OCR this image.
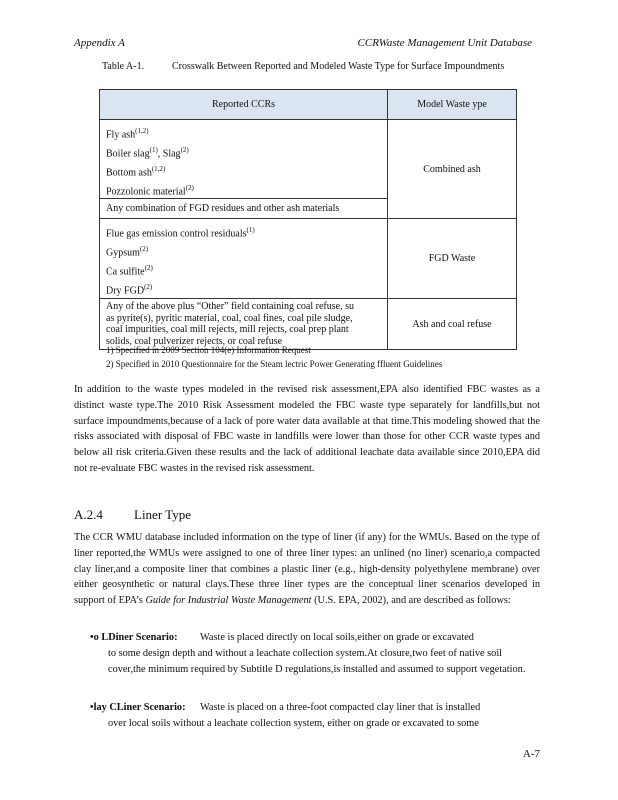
Appendix A	CCRWaste Management Unit Database
Table A-1.	Crosswalk Between Reported and Modeled Waste Type for Surface Impoundments
Reported CCRs	Model Waste ype

Fly ash$^{(1,2)}$
Boiler slag$^{(1)}$, Slag$^{(2)}$
Bottom ash$^{(1,2)}$
Pozzolonic material$^{(2)}$
Any combination of FGD residues and other ash materials	Combined ash

Flue gas emission control residuals$^{(1)}$
Gypsum$^{(2)}$
Ca sulfite$^{(2)}$
Dry FGD$^{(2)}$	FGD Waste

Any of the above plus “Other” field containing coal refuse, su
as pyrite(s), pyritic material, coal, coal fines, coal pile sludge,
coal impurities, coal mill rejects, mill rejects, coal prep plant
solids, coal pulverizer rejects, or coal refuse	Ash and coal refuse
1) Specified in 2009 Section 104(e) Information Request
2) Specified in 2010 Questionnaire for the Steam lectric Power Generating ffluent Guidelines
In addition to the waste types modeled in the revised risk assessment,EPA also identified FBC wastes as a distinct waste type.The 2010 Risk Assessment modeled the FBC waste type separately for landfills,but not surface impoundments,because of a lack of pore water data available at that time.This modeling showed that the risks associated with disposal of FBC waste in landfills were lower than those for other CCR waste types and below all risk criteria.Given these results and the lack of additional leachate data available since 2010,EPA did not re-evaluate FBC wastes in the revised risk assessment.
A.2.4 Liner Type
The CCR WMU database included information on the type of liner (if any) for the WMUs. Based on the type of liner reported,the WMUs were assigned to one of three liner types: an unlined (no liner) scenario,a compacted clay liner,and a composite liner that combines a plastic liner (e.g., high-density polyethylene membrane) over either geosynthetic or natural clays.These three liner types are the conceptual liner scenarios developed in support of EPA’s Guide for Industrial Waste Management (U.S. EPA, 2002), and are described as follows:
•o LDiner Scenario: Waste is placed directly on local soils,either on grade or excavated
to some design depth and without a leachate collection system.At closure,two feet of native soil cover,the minimum required by Subtitle D regulations,is installed and assumed to support vegetation.
•lay CLiner Scenario: Waste is placed on a three-foot compacted clay liner that is installed
over local soils without a leachate collection system, either on grade or excavated to some
A-7
